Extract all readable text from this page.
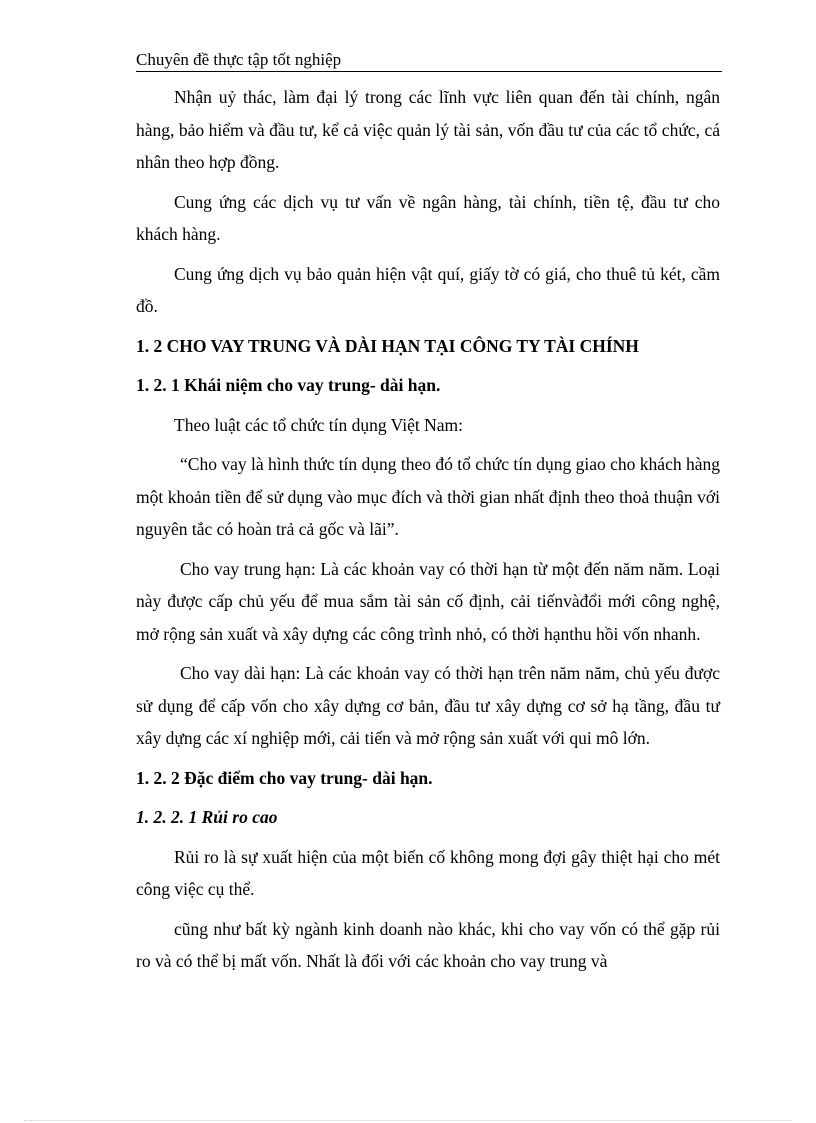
Chuyên đề thực tập tốt nghiệp

Nhận uỷ thác, làm đại lý trong các lĩnh vực liên quan đến tài chính, ngân hàng, bảo hiểm và đầu tư, kể cả việc quản lý tài sản, vốn đầu tư của các tổ chức, cá nhân theo hợp đồng.

Cung ứng các dịch vụ tư vấn về ngân hàng, tài chính, tiền tệ, đầu tư cho khách hàng.

Cung ứng dịch vụ bảo quản hiện vật quí, giấy tờ có giá, cho thuê tủ két, cầm đồ.

1. 2 CHO VAY TRUNG VÀ DÀI HẠN TẠI CÔNG TY TÀI CHÍNH
1. 2. 1 Khái niệm cho vay trung- dài hạn.

Theo luật các tổ chức tín dụng Việt Nam:

“Cho vay là hình thức tín dụng theo đó tổ chức tín dụng giao cho khách hàng một khoản tiền để sử dụng vào mục đích và thời gian nhất định theo thoả thuận với nguyên tắc có hoàn trả cả gốc và lãi”.

Cho vay trung hạn: Là các khoản vay có thời hạn từ một đến năm năm. Loại này được cấp chủ yếu để mua sắm tài sản cố định, cải tiếnvàđổi mới công nghệ, mở rộng sản xuất và xây dựng các công trình nhỏ, có thời hạnthu hồi vốn nhanh.

Cho vay dài hạn: Là các khoản vay có thời hạn trên năm năm, chủ yếu được sử dụng để cấp vốn cho xây dựng cơ bản, đầu tư xây dựng cơ sở hạ tầng, đầu tư xây dựng các xí nghiệp mới, cải tiến và mở rộng sản xuất với qui mô lớn.

1. 2. 2 Đặc điểm cho vay trung- dài hạn.
1. 2. 2. 1 Rủi ro cao

Rủi ro là sự xuất hiện của một biến cố không mong đợi gây thiệt hại cho mét công việc cụ thể.

cũng như bất kỳ ngành kinh doanh nào khác, khi cho vay vốn có thể gặp rủi ro và có thể bị mất vốn. Nhất là đối với các khoản cho vay trung và
